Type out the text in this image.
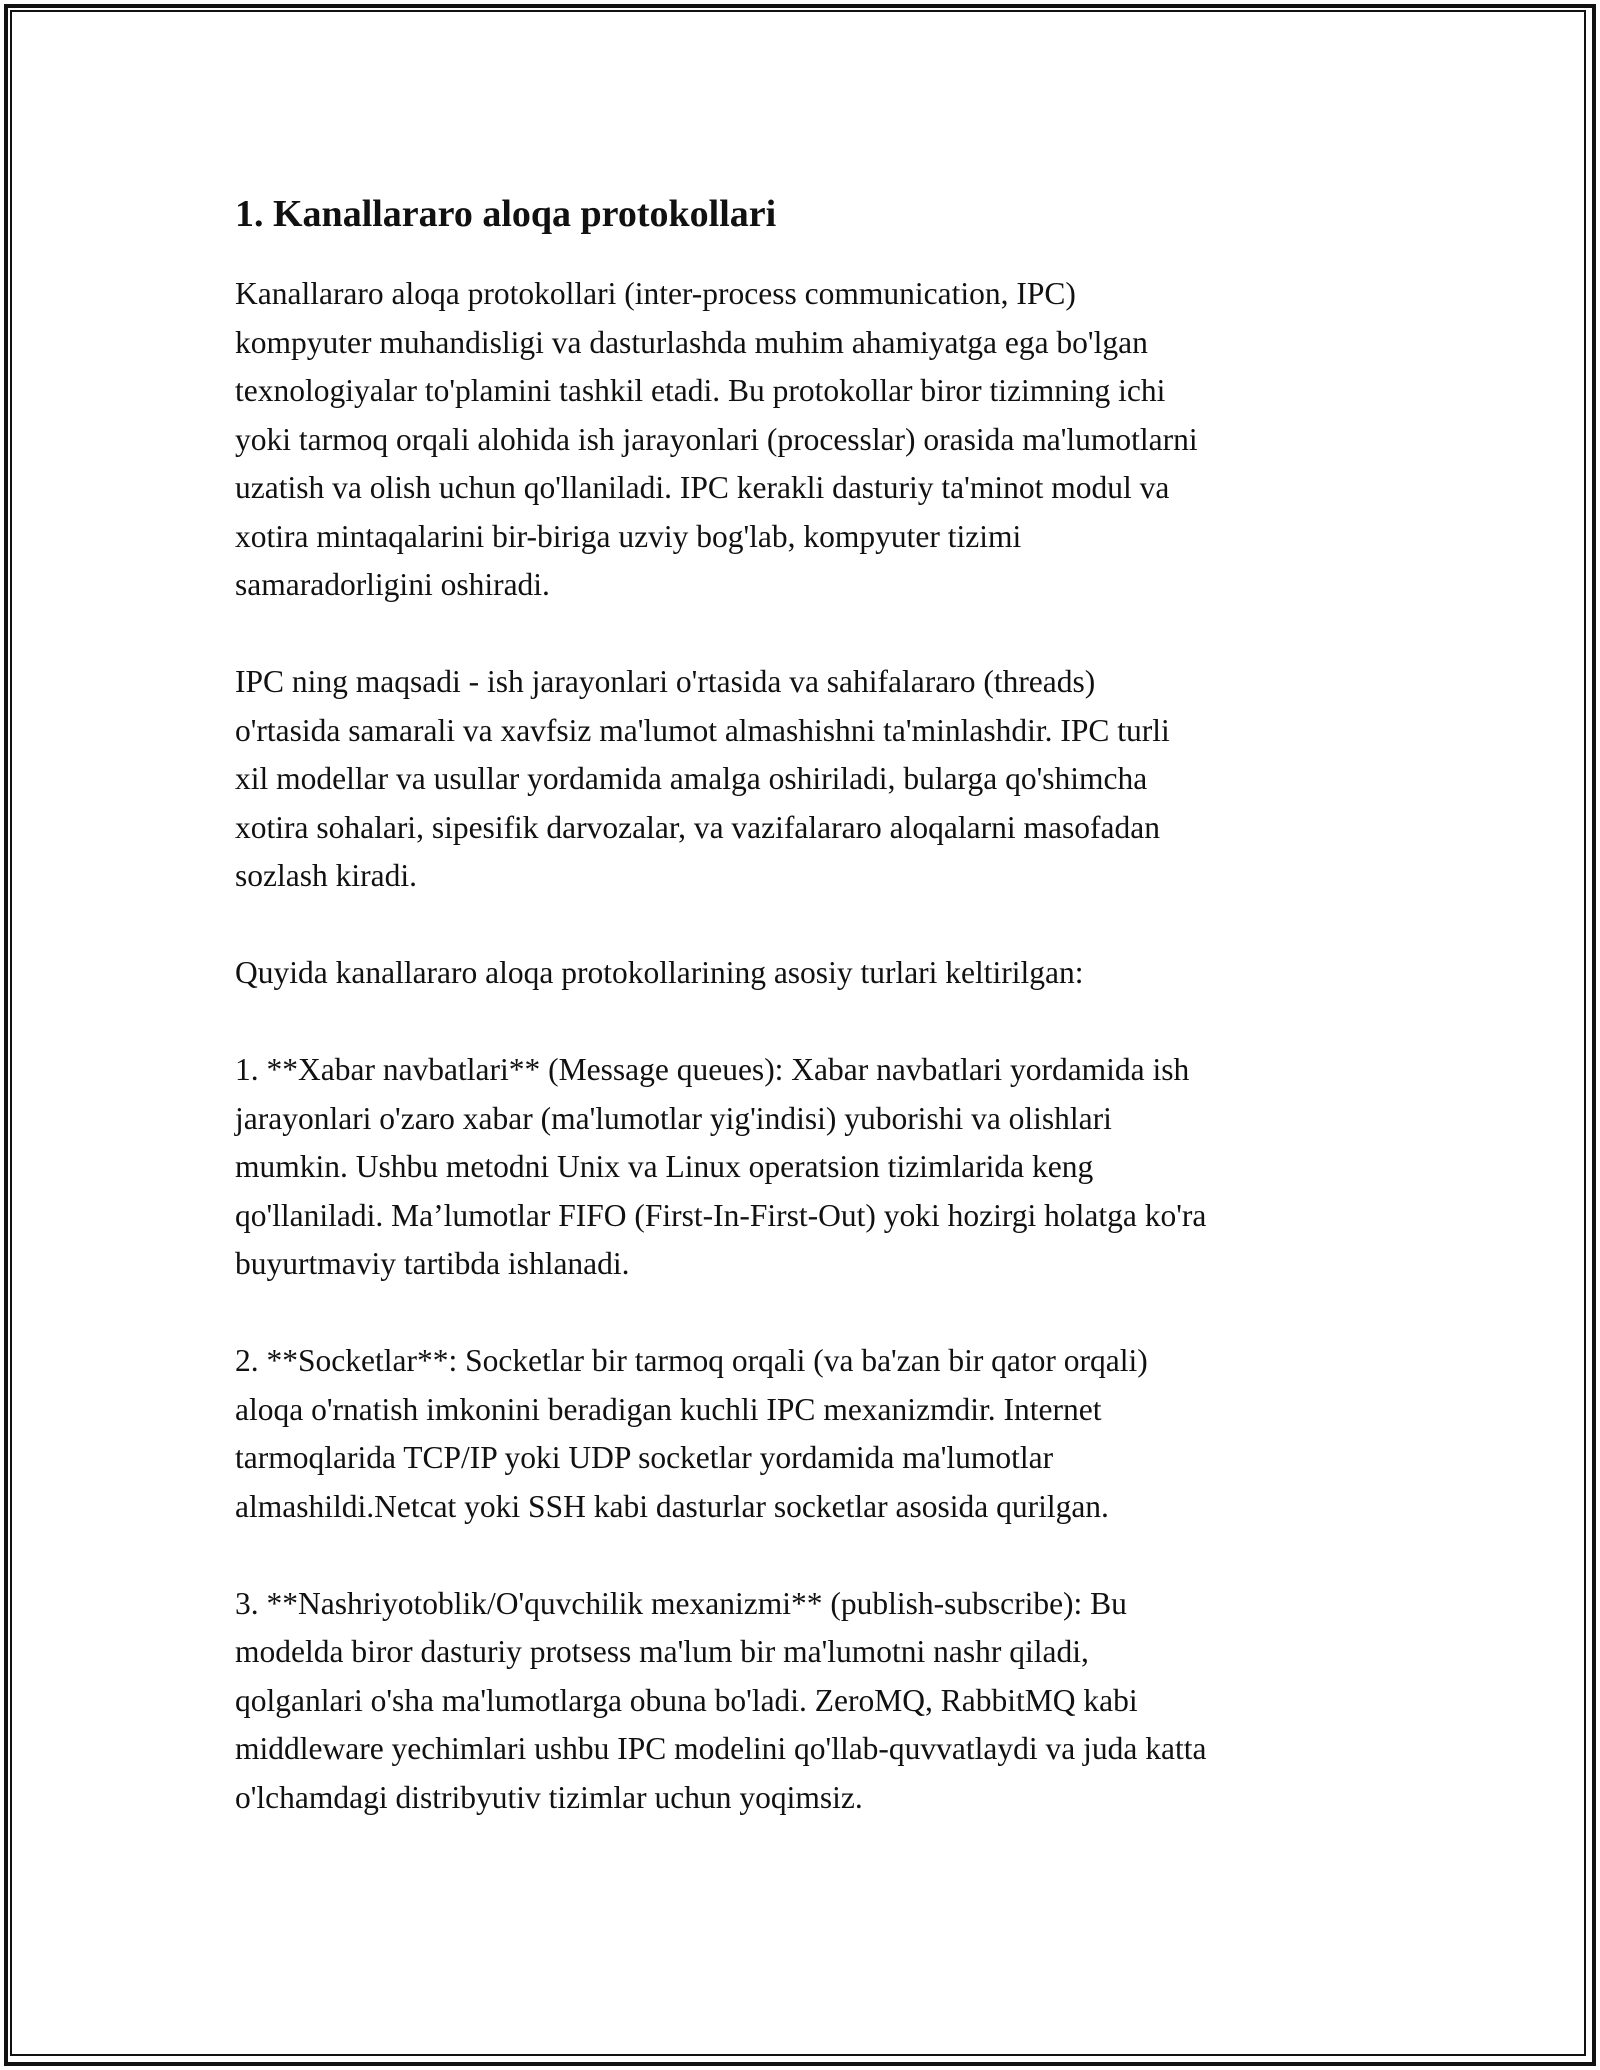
1. Kanallararo aloqa protokollari

Kanallararo aloqa protokollari (inter-process communication, IPC)
kompyuter muhandisligi va dasturlashda muhim ahamiyatga ega bo'lgan
texnologiyalar to'plamini tashkil etadi. Bu protokollar biror tizimning ichi
yoki tarmoq orqali alohida ish jarayonlari (processlar) orasida ma'lumotlarni
uzatish va olish uchun qo'llaniladi. IPC kerakli dasturiy ta'minot modul va
xotira mintaqalarini bir-biriga uzviy bog'lab, kompyuter tizimi
samaradorligini oshiradi.

IPC ning maqsadi - ish jarayonlari o'rtasida va sahifalararo (threads)
o'rtasida samarali va xavfsiz ma'lumot almashishni ta'minlashdir. IPC turli
xil modellar va usullar yordamida amalga oshiriladi, bularga qo'shimcha
xotira sohalari, sipesifik darvozalar, va vazifalararo aloqalarni masofadan
sozlash kiradi.

Quyida kanallararo aloqa protokollarining asosiy turlari keltirilgan:

1. **Xabar navbatlari** (Message queues): Xabar navbatlari yordamida ish
jarayonlari o'zaro xabar (ma'lumotlar yig'indisi) yuborishi va olishlari
mumkin. Ushbu metodni Unix va Linux operatsion tizimlarida keng
qo'llaniladi. Ma’lumotlar FIFO (First-In-First-Out) yoki hozirgi holatga ko'ra
buyurtmaviy tartibda ishlanadi.

2. **Socketlar**: Socketlar bir tarmoq orqali (va ba'zan bir qator orqali)
aloqa o'rnatish imkonini beradigan kuchli IPC mexanizmdir. Internet
tarmoqlarida TCP/IP yoki UDP socketlar yordamida ma'lumotlar
almashildi.Netcat yoki SSH kabi dasturlar socketlar asosida qurilgan.

3. **Nashriyotoblik/O'quvchilik mexanizmi** (publish-subscribe): Bu
modelda biror dasturiy protsess ma'lum bir ma'lumotni nashr qiladi,
qolganlari o'sha ma'lumotlarga obuna bo'ladi. ZeroMQ, RabbitMQ kabi
middleware yechimlari ushbu IPC modelini qo'llab-quvvatlaydi va juda katta
o'lchamdagi distribyutiv tizimlar uchun yoqimsiz.
